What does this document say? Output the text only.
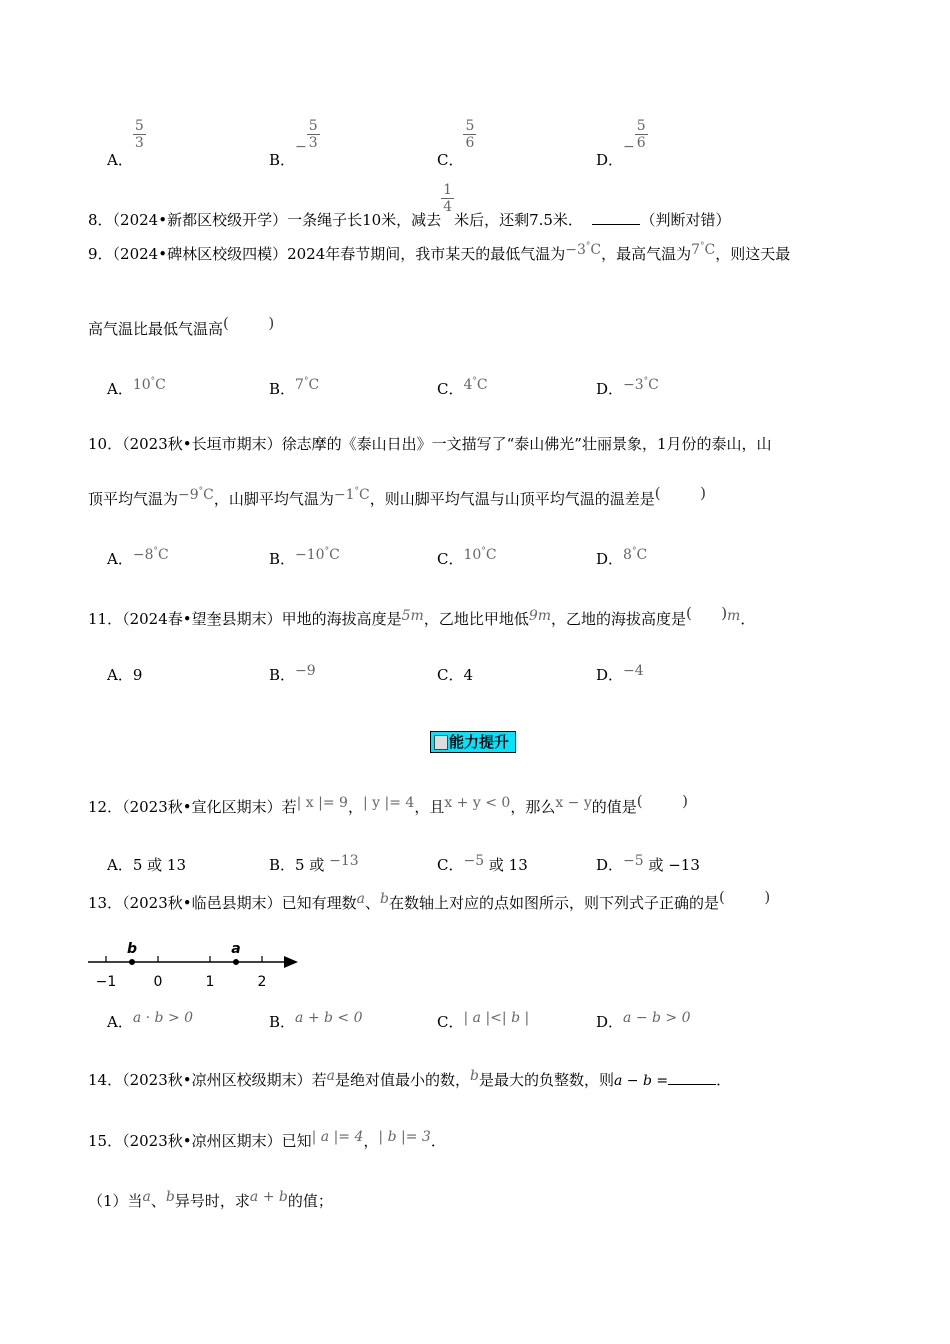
A．
$\frac{5}{3}$
B．− $\frac{5}{3}$
C．
$\frac{5}{6}$
D．− $\frac{5}{6}$
8．（2024•新都区校级开学）一条绳子长10米，减去
$\frac{1}{4}$
米后，还剩7.5米．	（判断对错）
9．（2024•碑林区校级四模）2024年春节期间，我市某天的最低气温为−3°C，最高气温为7°C，则这天最
高气温比最低气温高(　　  )
A．10°C	B．7°C	C．4°C	D．−3°C
10．（2023秋•长垣市期末）徐志摩的《泰山日出》一文描写了“泰山佛光”壮丽景象，1月份的泰山，山
顶平均气温为−9°C，山脚平均气温为−1°C，则山脚平均气温与山顶平均气温的温差是(　　  )
A．−8°C	B．−10°C	C．10°C	D．8°C
11．（2024春•望奎县期末）甲地的海拔高度是5m，乙地比甲地低9m，乙地的海拔高度是(　   )m．
A．9	B．−9	C．4	D．−4
能力提升
12．（2023秋•宣化区期末）若| x |= 9，| y |= 4，且x + y < 0，那么x − y的值是(　　  )
A．5 或 13	B．5 或 −13	C．−5 或 13	D．−5 或 −13
13．（2023秋•临邑县期末）已知有理数a、b在数轴上对应的点如图所示，则下列式子正确的是(　　  )
−1	0	1	2
b	a
A．a · b > 0	B．a + b < 0	C．| a |<| b |	D．a − b > 0
14．（2023秋•凉州区校级期末）若a是绝对值最小的数，b是最大的负整数，则a − b =	．
15．（2023秋•凉州区期末）已知| a |= 4，| b |= 3．
（1）当a、b异号时，求a + b的值；
